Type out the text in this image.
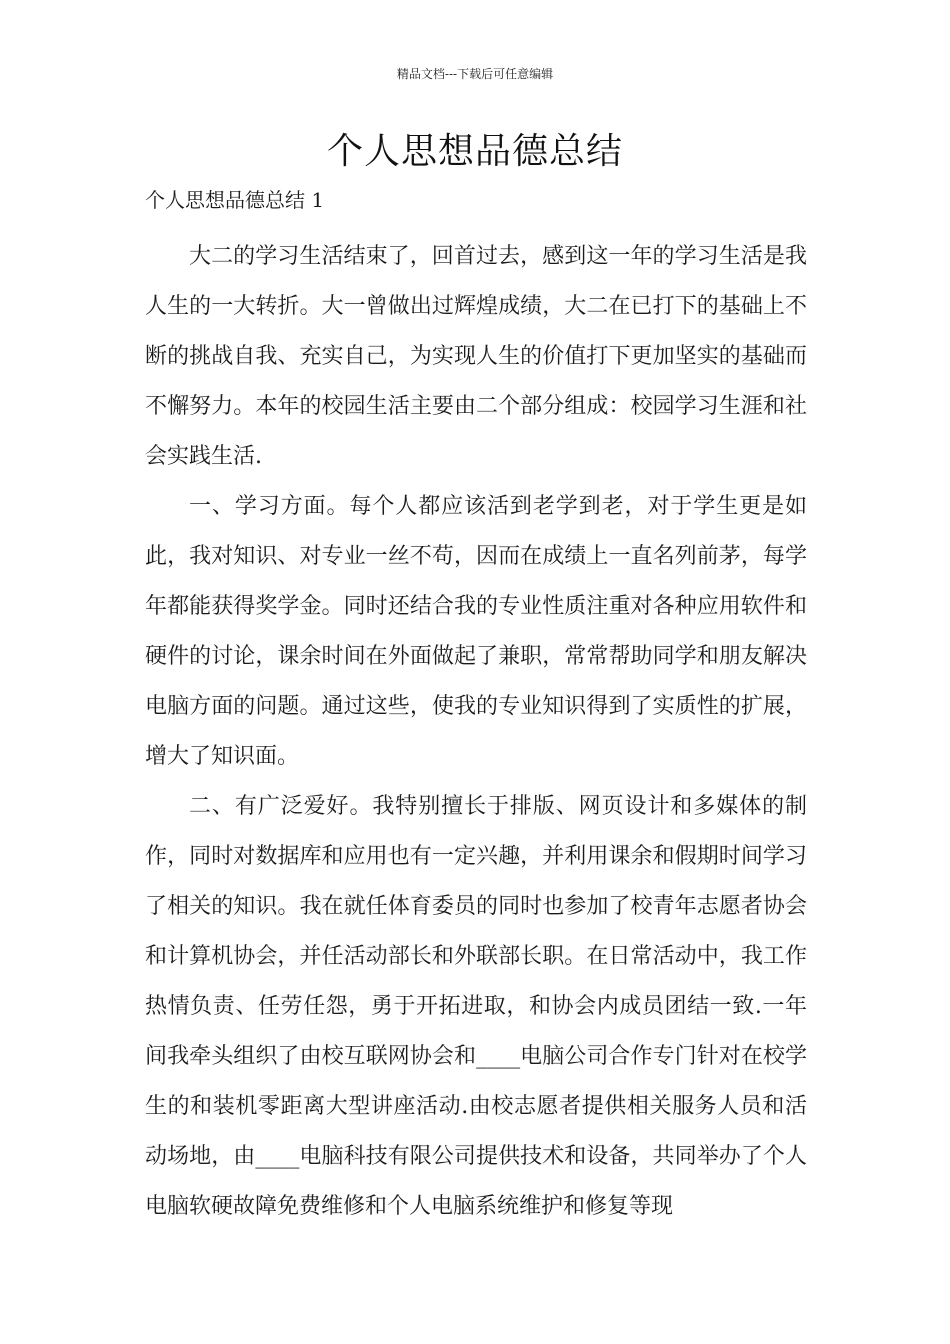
精品文档---下载后可任意编辑
个人思想品德总结
个人思想品德总结 1

大二的学习生活结束了，回首过去，感到这一年的学习生活是我人生的一大转折。大一曾做出过辉煌成绩，大二在已打下的基础上不断的挑战自我、充实自己，为实现人生的价值打下更加坚实的基础而不懈努力。本年的校园生活主要由二个部分组成：校园学习生涯和社会实践生活.

一、学习方面。每个人都应该活到老学到老，对于学生更是如此，我对知识、对专业一丝不苟，因而在成绩上一直名列前茅，每学年都能获得奖学金。同时还结合我的专业性质注重对各种应用软件和硬件的讨论，课余时间在外面做起了兼职，常常帮助同学和朋友解决电脑方面的问题。通过这些，使我的专业知识得到了实质性的扩展，增大了知识面。

二、有广泛爱好。我特别擅长于排版、网页设计和多媒体的制作，同时对数据库和应用也有一定兴趣，并利用课余和假期时间学习了相关的知识。我在就任体育委员的同时也参加了校青年志愿者协会和计算机协会，并任活动部长和外联部长职。在日常活动中，我工作热情负责、任劳任怨，勇于开拓进取，和协会内成员团结一致.一年间我牵头组织了由校互联网协会和____电脑公司合作专门针对在校学生的和装机零距离大型讲座活动.由校志愿者提供相关服务人员和活动场地，由____电脑科技有限公司提供技术和设备，共同举办了个人电脑软硬故障免费维修和个人电脑系统维护和修复等现
